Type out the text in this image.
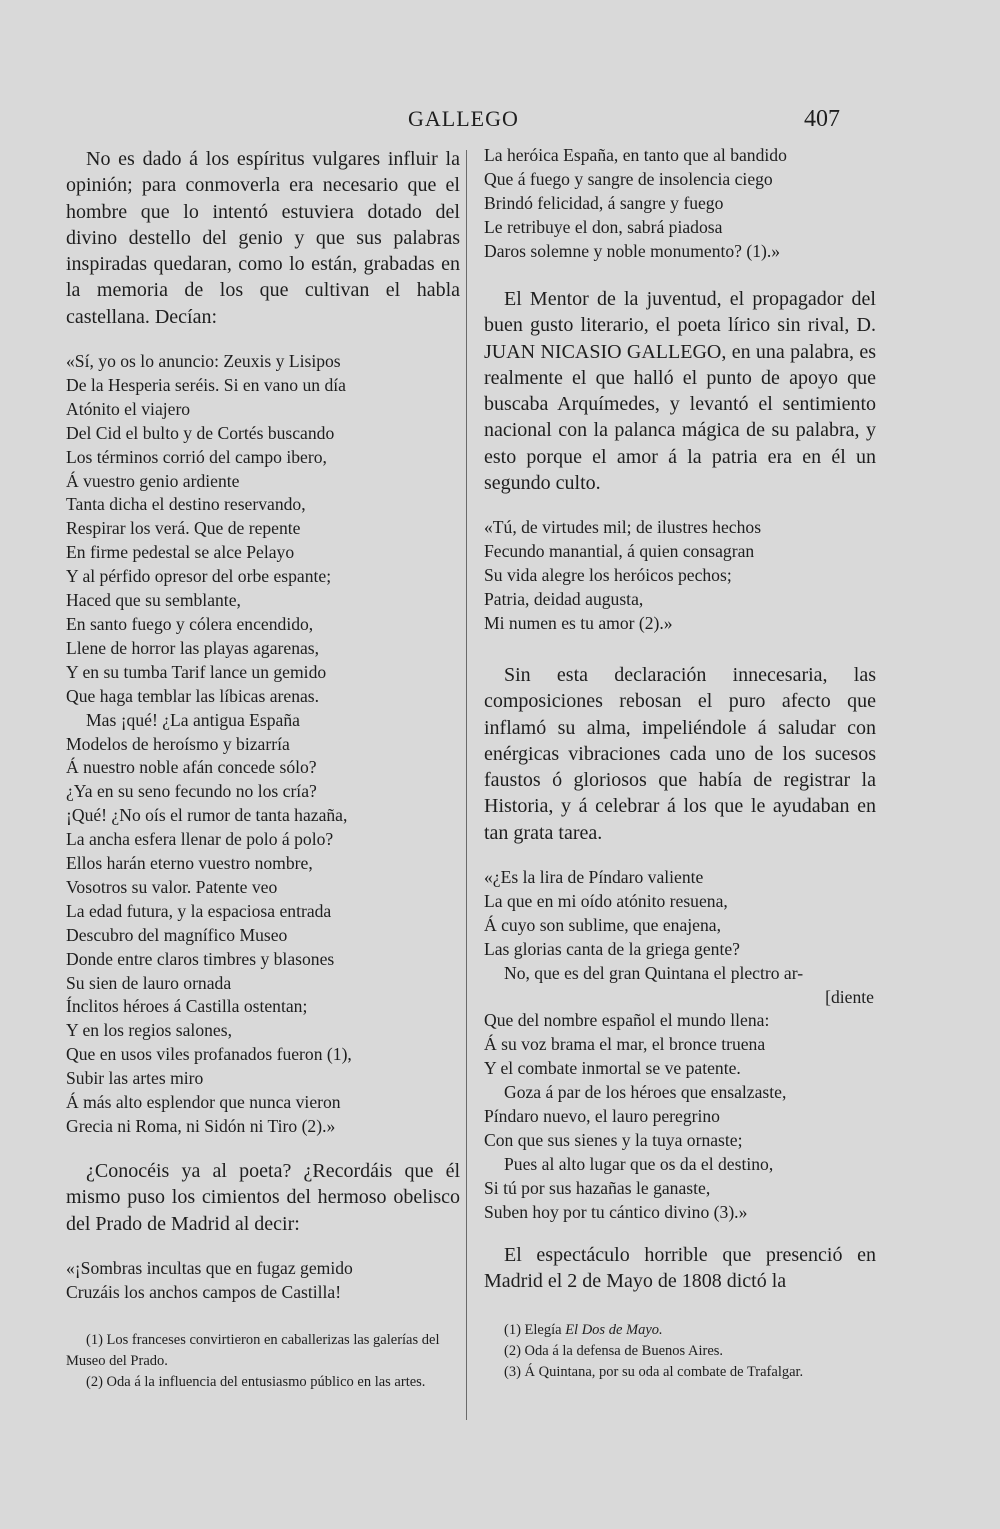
GALLEGO	407

No es dado á los espíritus vulgares influir la opinión; para conmoverla era necesario que el hombre que lo intentó estuviera dotado del divino destello del genio y que sus palabras inspiradas quedaran, como lo están, grabadas en la memoria de los que cultivan el habla castellana. Decían:

«Sí, yo os lo anuncio: Zeuxis y Lisipos
De la Hesperia seréis. Si en vano un día
Atónito el viajero
Del Cid el bulto y de Cortés buscando
Los términos corrió del campo ibero,
Á vuestro genio ardiente
Tanta dicha el destino reservando,
Respirar los verá. Que de repente
En firme pedestal se alce Pelayo
Y al pérfido opresor del orbe espante;
Haced que su semblante,
En santo fuego y cólera encendido,
Llene de horror las playas agarenas,
Y en su tumba Tarif lance un gemido
Que haga temblar las líbicas arenas.
Mas ¡qué! ¿La antigua España
Modelos de heroísmo y bizarría
Á nuestro noble afán concede sólo?
¿Ya en su seno fecundo no los cría?
¡Qué! ¿No oís el rumor de tanta hazaña,
La ancha esfera llenar de polo á polo?
Ellos harán eterno vuestro nombre,
Vosotros su valor. Patente veo
La edad futura, y la espaciosa entrada
Descubro del magnífico Museo
Donde entre claros timbres y blasones
Su sien de lauro ornada
Ínclitos héroes á Castilla ostentan;
Y en los regios salones,
Que en usos viles profanados fueron (1),
Subir las artes miro
Á más alto esplendor que nunca vieron
Grecia ni Roma, ni Sidón ni Tiro (2).»

¿Conocéis ya al poeta? ¿Recordáis que él mismo puso los cimientos del hermoso obelisco del Prado de Madrid al decir:

«¡Sombras incultas que en fugaz gemido
Cruzáis los anchos campos de Castilla!
(1) Los franceses convirtieron en caballerizas las galerías del Museo del Prado.
(2) Oda á la influencia del entusiasmo público en las artes.
La heróica España, en tanto que al bandido
Que á fuego y sangre de insolencia ciego
Brindó felicidad, á sangre y fuego
Le retribuye el don, sabrá piadosa
Daros solemne y noble monumento? (1).»

El Mentor de la juventud, el propagador del buen gusto literario, el poeta lírico sin rival, D. JUAN NICASIO GALLEGO, en una palabra, es realmente el que halló el punto de apoyo que buscaba Arquímedes, y levantó el sentimiento nacional con la palanca mágica de su palabra, y esto porque el amor á la patria era en él un segundo culto.

«Tú, de virtudes mil; de ilustres hechos
Fecundo manantial, á quien consagran
Su vida alegre los heróicos pechos;
Patria, deidad augusta,
Mi numen es tu amor (2).»

Sin esta declaración innecesaria, las composiciones rebosan el puro afecto que inflamó su alma, impeliéndole á saludar con enérgicas vibraciones cada uno de los sucesos faustos ó gloriosos que había de registrar la Historia, y á celebrar á los que le ayudaban en tan grata tarea.

«¿Es la lira de Píndaro valiente
La que en mi oído atónito resuena,
Á cuyo son sublime, que enajena,
Las glorias canta de la griega gente?
No, que es del gran Quintana el plectro ar-
[diente
Que del nombre español el mundo llena:
Á su voz brama el mar, el bronce truena
Y el combate inmortal se ve patente.
Goza á par de los héroes que ensalzaste,
Píndaro nuevo, el lauro peregrino
Con que sus sienes y la tuya ornaste;
Pues al alto lugar que os da el destino,
Si tú por sus hazañas le ganaste,
Suben hoy por tu cántico divino (3).»

El espectáculo horrible que presenció en Madrid el 2 de Mayo de 1808 dictó la

(1) Elegía El Dos de Mayo.
(2) Oda á la defensa de Buenos Aires.
(3) Á Quintana, por su oda al combate de Trafalgar.
